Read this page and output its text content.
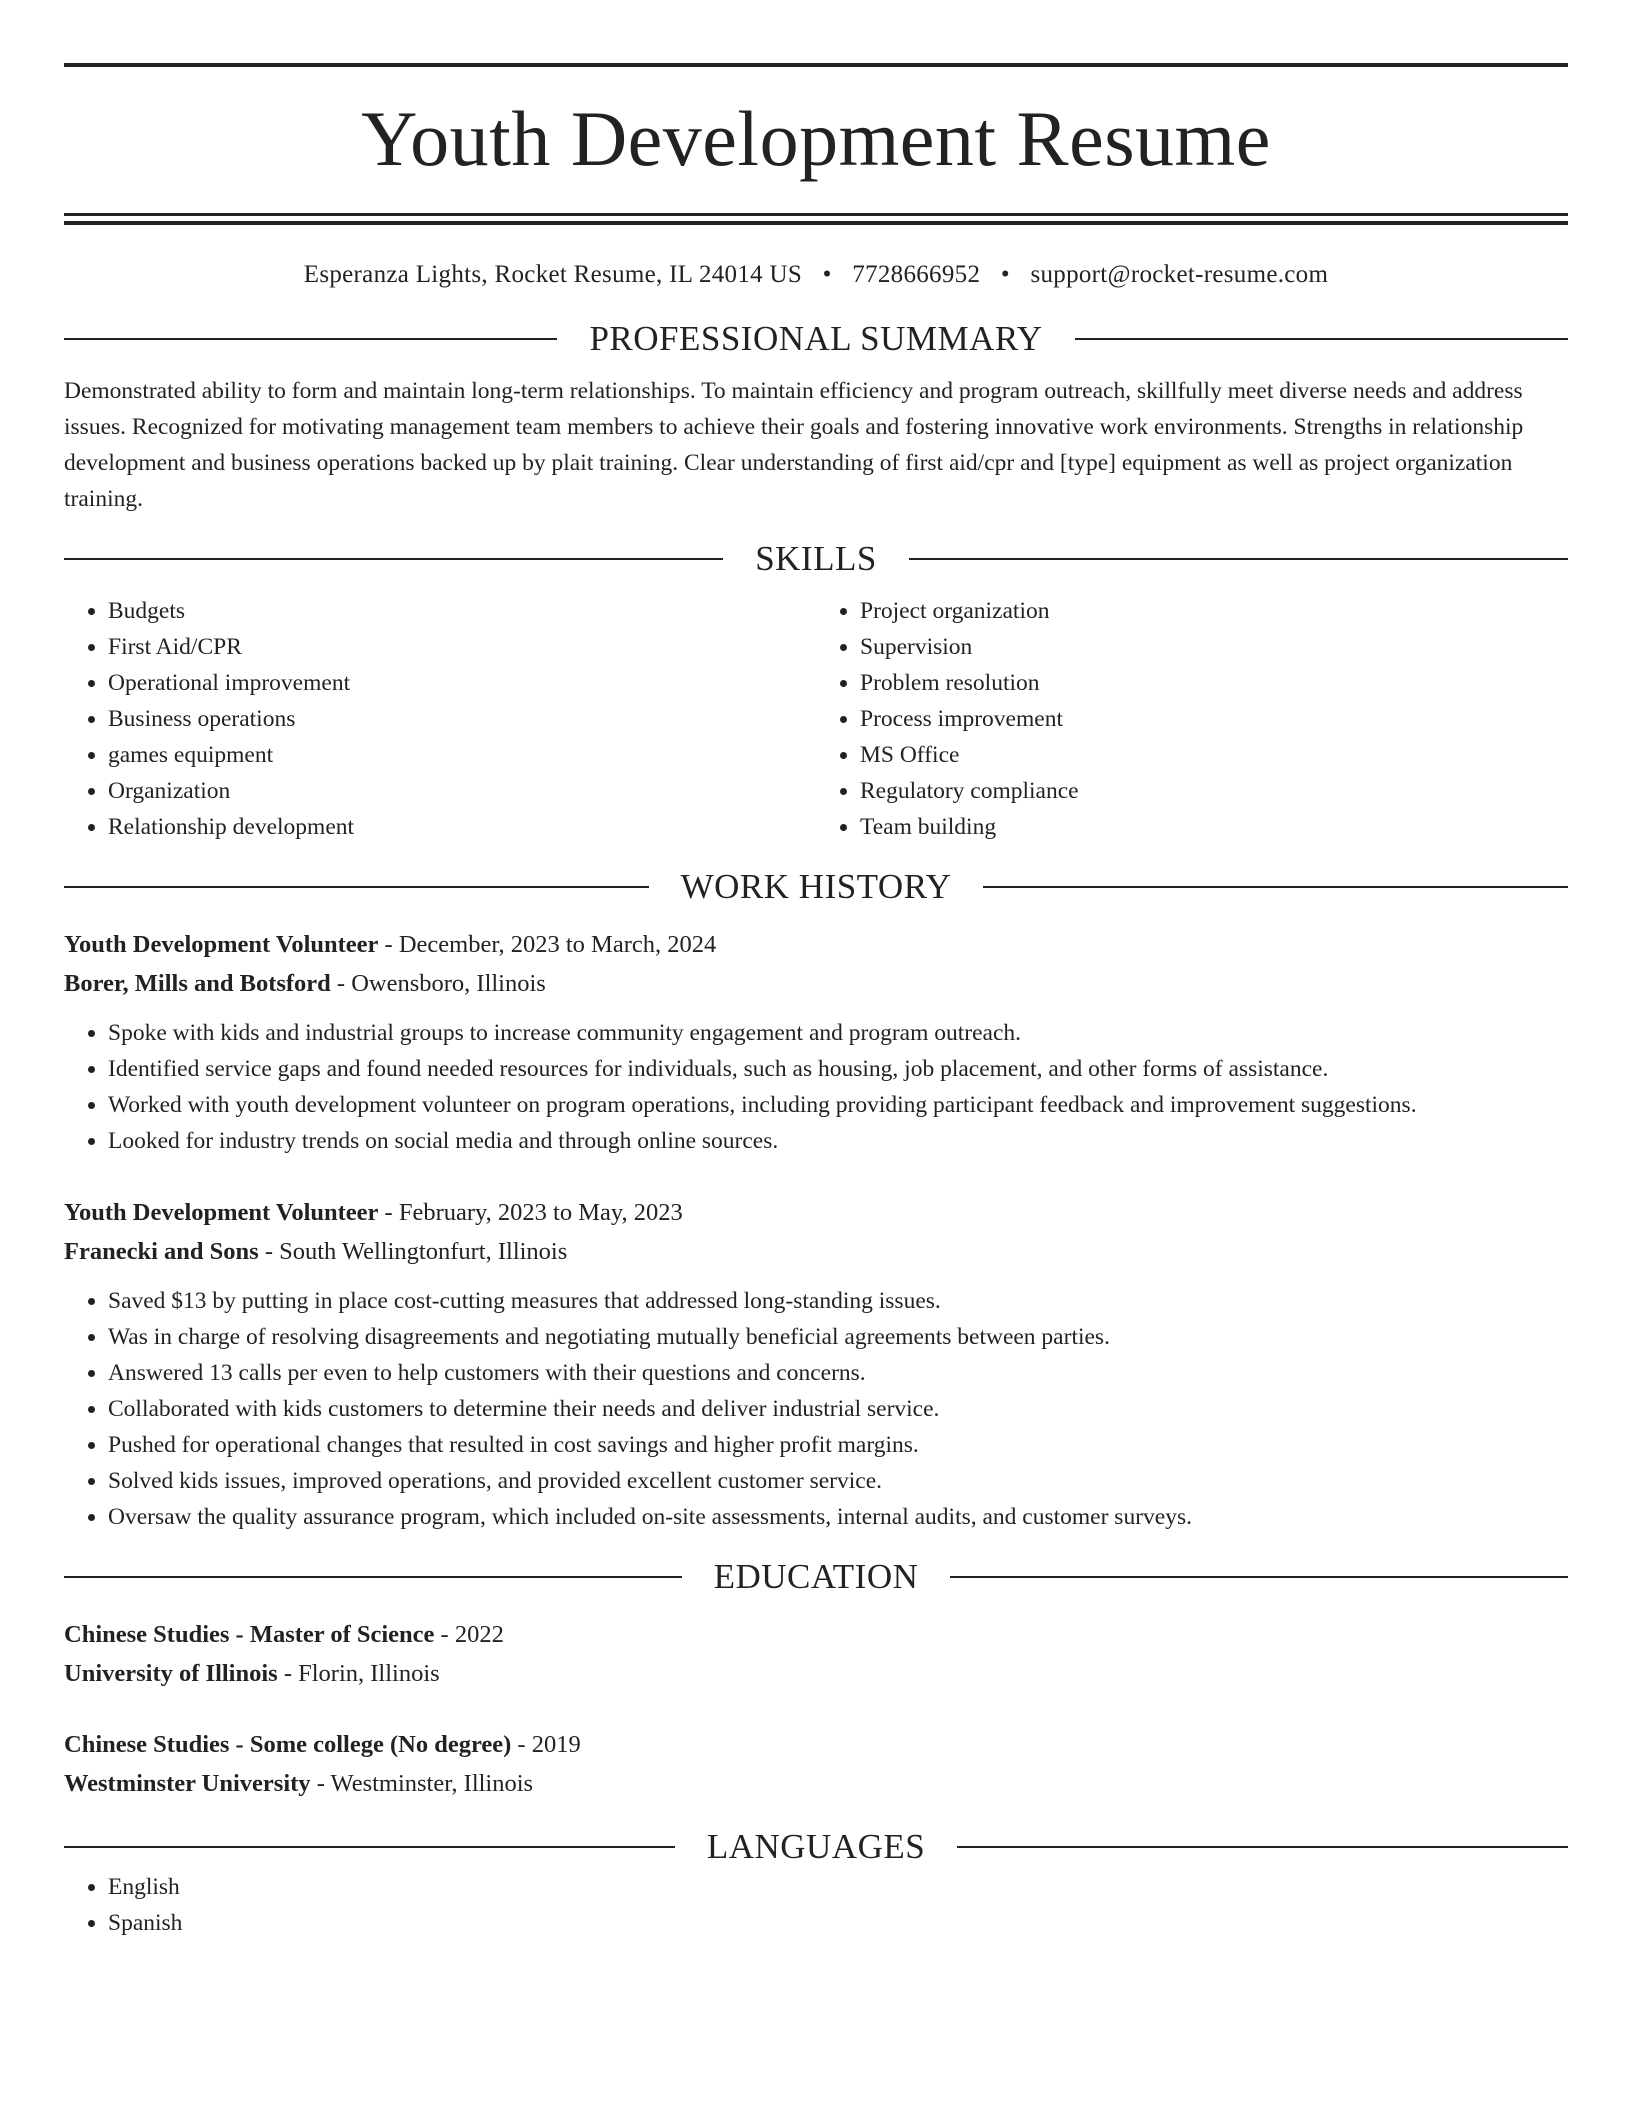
Youth Development Resume
Esperanza Lights, Rocket Resume, IL 24014 US • 7728666952 • support@rocket-resume.com
PROFESSIONAL SUMMARY
Demonstrated ability to form and maintain long-term relationships. To maintain efficiency and program outreach, skillfully meet diverse needs and address issues. Recognized for motivating management team members to achieve their goals and fostering innovative work environments. Strengths in relationship development and business operations backed up by plait training. Clear understanding of first aid/cpr and [type] equipment as well as project organization training.
SKILLS
• Budgets
• First Aid/CPR
• Operational improvement
• Business operations
• games equipment
• Organization
• Relationship development
• Project organization
• Supervision
• Problem resolution
• Process improvement
• MS Office
• Regulatory compliance
• Team building
WORK HISTORY
Youth Development Volunteer - December, 2023 to March, 2024
Borer, Mills and Botsford - Owensboro, Illinois
• Spoke with kids and industrial groups to increase community engagement and program outreach.
• Identified service gaps and found needed resources for individuals, such as housing, job placement, and other forms of assistance.
• Worked with youth development volunteer on program operations, including providing participant feedback and improvement suggestions.
• Looked for industry trends on social media and through online sources.
Youth Development Volunteer - February, 2023 to May, 2023
Franecki and Sons - South Wellingtonfurt, Illinois
• Saved $13 by putting in place cost-cutting measures that addressed long-standing issues.
• Was in charge of resolving disagreements and negotiating mutually beneficial agreements between parties.
• Answered 13 calls per even to help customers with their questions and concerns.
• Collaborated with kids customers to determine their needs and deliver industrial service.
• Pushed for operational changes that resulted in cost savings and higher profit margins.
• Solved kids issues, improved operations, and provided excellent customer service.
• Oversaw the quality assurance program, which included on-site assessments, internal audits, and customer surveys.
EDUCATION
Chinese Studies - Master of Science - 2022
University of Illinois - Florin, Illinois
Chinese Studies - Some college (No degree) - 2019
Westminster University - Westminster, Illinois
LANGUAGES
• English
• Spanish
